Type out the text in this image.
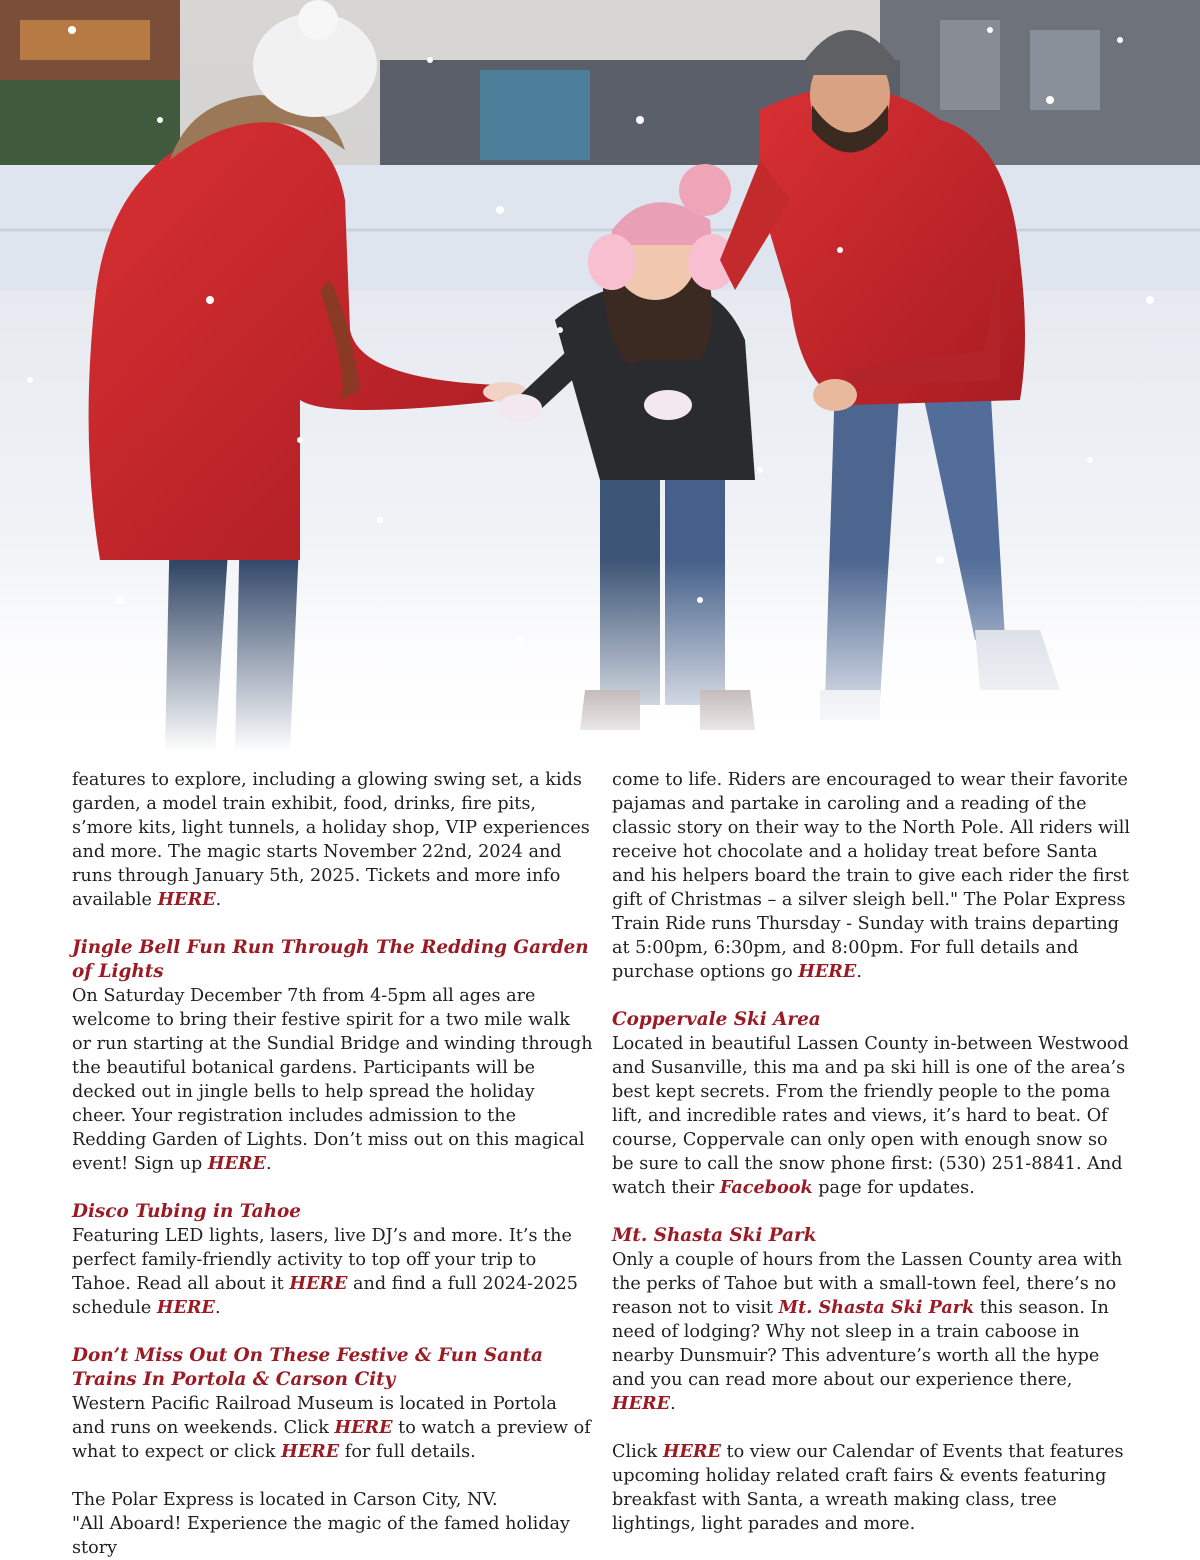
features to explore, including a glowing swing set, a kids garden, a model train exhibit, food, drinks, fire pits, s’more kits, light tunnels, a holiday shop, VIP experiences and more. The magic starts November 22nd, 2024 and runs through January 5th, 2025. Tickets and more info available HERE.

Jingle Bell Fun Run Through The Redding Garden of Lights

On Saturday December 7th from 4-5pm all ages are welcome to bring their festive spirit for a two mile walk or run starting at the Sundial Bridge and winding through the beautiful botanical gardens. Participants will be decked out in jingle bells to help spread the holiday cheer. Your registration includes admission to the Redding Garden of Lights. Don’t miss out on this magical event! Sign up HERE.

Disco Tubing in Tahoe

Featuring LED lights, lasers, live DJ’s and more. It’s the perfect family-friendly activity to top off your trip to Tahoe. Read all about it HERE and find a full 2024-2025 schedule HERE.

Don’t Miss Out On These Festive & Fun Santa Trains In Portola & Carson City

Western Pacific Railroad Museum is located in Portola and runs on weekends. Click HERE to watch a preview of what to expect or click HERE for full details.

The Polar Express is located in Carson City, NV.

"All Aboard! Experience the magic of the famed holiday story

come to life. Riders are encouraged to wear their favorite pajamas and partake in caroling and a reading of the classic story on their way to the North Pole. All riders will receive hot chocolate and a holiday treat before Santa and his helpers board the train to give each rider the first gift of Christmas – a silver sleigh bell." The Polar Express Train Ride runs Thursday - Sunday with trains departing at 5:00pm, 6:30pm, and 8:00pm. For full details and purchase options go HERE.

Coppervale Ski Area

Located in beautiful Lassen County in-between Westwood and Susanville, this ma and pa ski hill is one of the area’s best kept secrets. From the friendly people to the poma lift, and incredible rates and views, it’s hard to beat. Of course, Coppervale can only open with enough snow so be sure to call the snow phone first: (530) 251-8841. And watch their Facebook page for updates.

Mt. Shasta Ski Park

Only a couple of hours from the Lassen County area with the perks of Tahoe but with a small-town feel, there’s no reason not to visit Mt. Shasta Ski Park this season. In need of lodging? Why not sleep in a train caboose in nearby Dunsmuir? This adventure’s worth all the hype and you can read more about our experience there, HERE.

Click HERE to view our Calendar of Events that features upcoming holiday related craft fairs & events featuring breakfast with Santa, a wreath making class, tree lightings, light parades and more.
